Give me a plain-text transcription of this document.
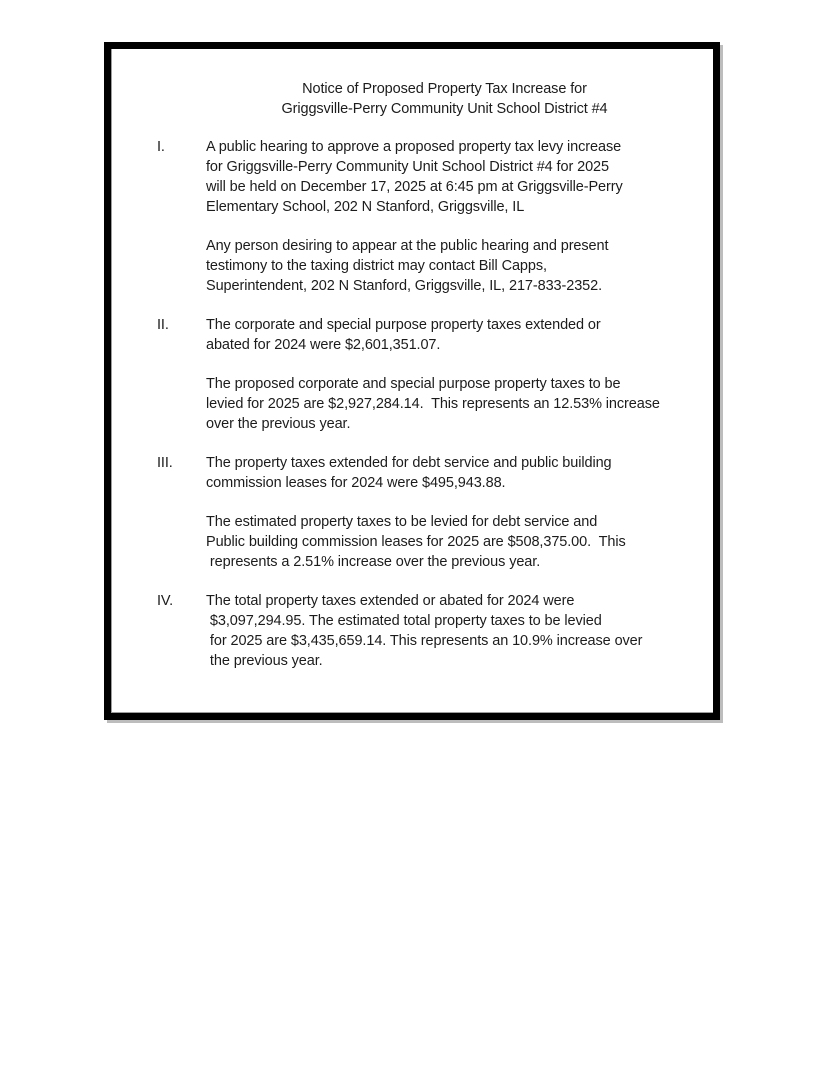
Notice of Proposed Property Tax Increase for
Griggsville-Perry Community Unit School District #4
I.	A public hearing to approve a proposed property tax levy increase
for Griggsville-Perry Community Unit School District #4 for 2025
will be held on December 17, 2025 at 6:45 pm at Griggsville-Perry
Elementary School, 202 N Stanford, Griggsville, IL
Any person desiring to appear at the public hearing and present
testimony to the taxing district may contact Bill Capps,
Superintendent, 202 N Stanford, Griggsville, IL, 217-833-2352.
II.	The corporate and special purpose property taxes extended or
abated for 2024 were $2,601,351.07.
The proposed corporate and special purpose property taxes to be
levied for 2025 are $2,927,284.14.  This represents an 12.53% increase
over the previous year.
III.	The property taxes extended for debt service and public building
commission leases for 2024 were $495,943.88.
The estimated property taxes to be levied for debt service and
Public building commission leases for 2025 are $508,375.00.  This
represents a 2.51% increase over the previous year.
IV.	The total property taxes extended or abated for 2024 were
$3,097,294.95. The estimated total property taxes to be levied
for 2025 are $3,435,659.14. This represents an 10.9% increase over
the previous year.
